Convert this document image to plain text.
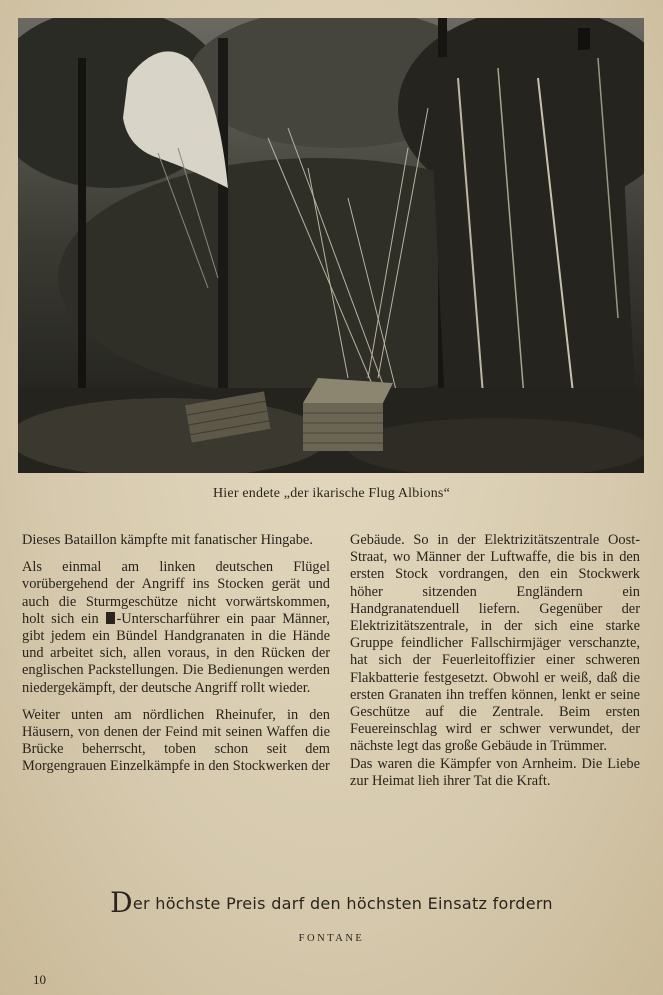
Hier endete „der ikarische Flug Albions“

Dieses Bataillon kämpfte mit fanatischer Hingabe.

Als einmal am linken deutschen Flügel vorübergehend der Angriff ins Stocken gerät und auch die Sturmgeschütze nicht vorwärtskommen, holt sich ein -Unterscharführer ein paar Männer, gibt jedem ein Bündel Handgranaten in die Hände und arbeitet sich, allen voraus, in den Rücken der englischen Packstellungen. Die Bedienungen werden niedergekämpft, der deutsche Angriff rollt wieder.

Weiter unten am nördlichen Rheinufer, in den Häusern, von denen der Feind mit seinen Waffen die Brücke beherrscht, toben schon seit dem Morgengrauen Einzelkämpfe in den Stockwerken der

Gebäude. So in der Elektrizitätszentrale Oost-Straat, wo Männer der Luftwaffe, die bis in den ersten Stock vordrangen, den ein Stockwerk höher sitzenden Engländern ein Handgranatenduell liefern. Gegenüber der Elektrizitätszentrale, in der sich eine starke Gruppe feindlicher Fallschirmjäger verschanzte, hat sich der Feuerleitoffizier einer schweren Flakbatterie festgesetzt. Obwohl er weiß, daß die ersten Granaten ihn treffen können, lenkt er seine Geschütze auf die Zentrale. Beim ersten Feuereinschlag wird er schwer verwundet, der nächste legt das große Gebäude in Trümmer.

Das waren die Kämpfer von Arnheim. Die Liebe zur Heimat lieh ihrer Tat die Kraft.

Der höchste Preis darf den höchsten Einsatz fordern
FONTANE
10
